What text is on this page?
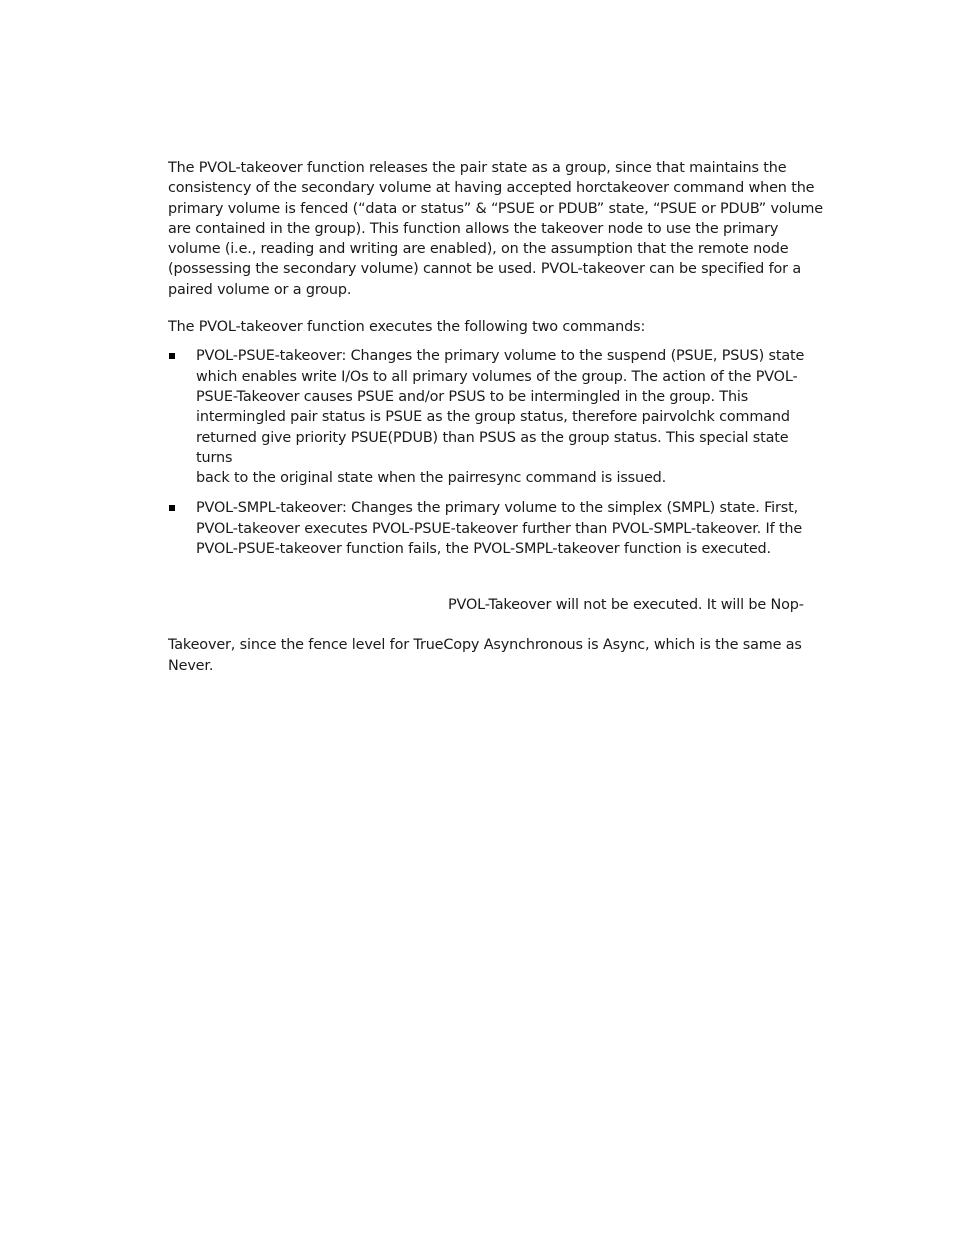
The PVOL-takeover function releases the pair state as a group, since that maintains the
consistency of the secondary volume at having accepted horctakeover command when the
primary volume is fenced (“data or status” & “PSUE or PDUB” state, “PSUE or PDUB” volume
are contained in the group). This function allows the takeover node to use the primary
volume (i.e., reading and writing are enabled), on the assumption that the remote node
(possessing the secondary volume) cannot be used. PVOL-takeover can be specified for a
paired volume or a group.

The PVOL-takeover function executes the following two commands:

PVOL-PSUE-takeover: Changes the primary volume to the suspend (PSUE, PSUS) state
which enables write I/Os to all primary volumes of the group. The action of the PVOL-
PSUE-Takeover causes PSUE and/or PSUS to be intermingled in the group. This
intermingled pair status is PSUE as the group status, therefore pairvolchk command
returned give priority PSUE(PDUB) than PSUS as the group status. This special state turns
back to the original state when the pairresync command is issued.

PVOL-SMPL-takeover: Changes the primary volume to the simplex (SMPL) state. First,
PVOL-takeover executes PVOL-PSUE-takeover further than PVOL-SMPL-takeover. If the
PVOL-PSUE-takeover function fails, the PVOL-SMPL-takeover function is executed.

PVOL-Takeover will not be executed. It will be Nop-

Takeover, since the fence level for TrueCopy Asynchronous is Async, which is the same as
Never.
